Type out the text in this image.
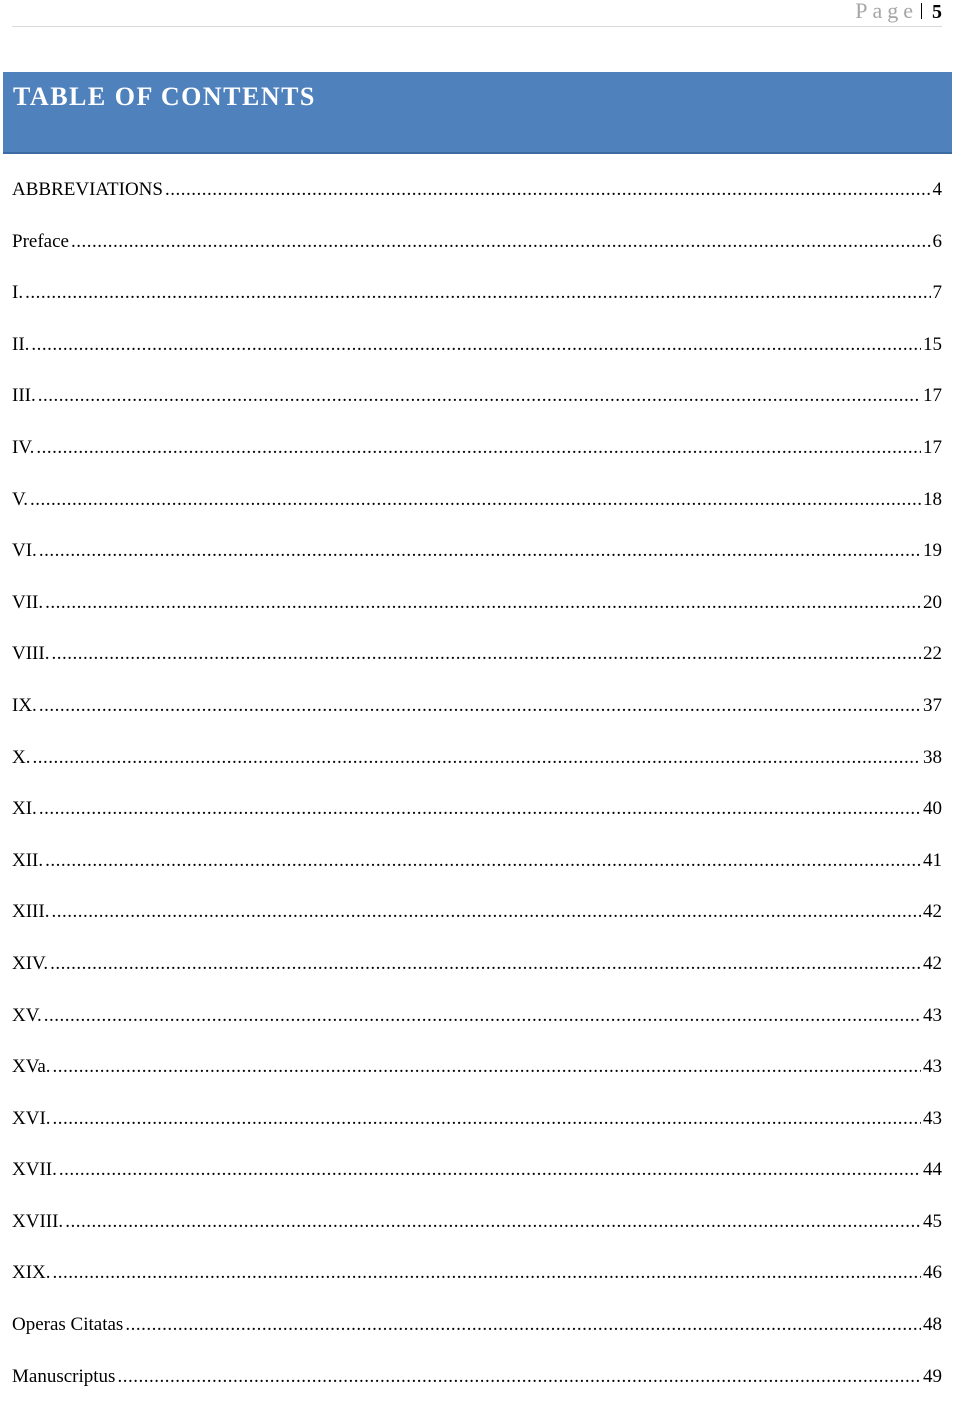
Page 5
TABLE OF CONTENTS
ABBREVIATIONS .....	4
Preface .....	6
I. .....	7
II. .....	15
III. .....	17
IV. .....	17
V. .....	18
VI. .....	19
VII. .....	20
VIII. .....	22
IX. .....	37
X. .....	38
XI. .....	40
XII. .....	41
XIII. .....	42
XIV. .....	42
XV. .....	43
XVa. .....	43
XVI. .....	43
XVII. .....	44
XVIII. .....	45
XIX. .....	46
Operas Citatas .....	48
Manuscriptus .....	49
